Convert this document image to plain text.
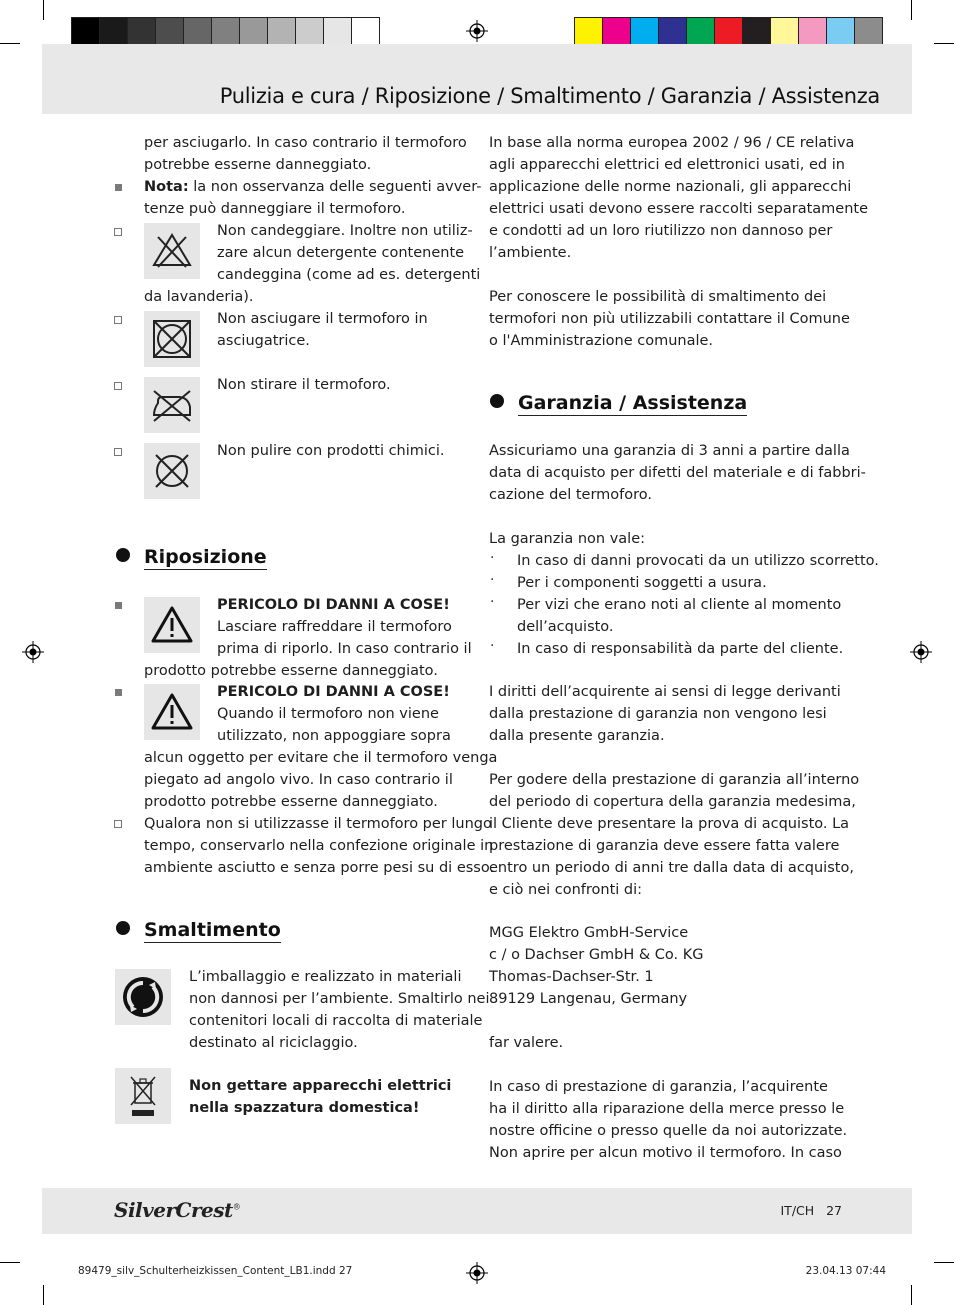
Pulizia e cura / Riposizione / Smaltimento / Garanzia / Assistenza
per asciugarlo. In caso contrario il termoforo
potrebbe esserne danneggiato.
Nota: la non osservanza delle seguenti avver-
tenze può danneggiare il termoforo.
Non candeggiare. Inoltre non utiliz-
zare alcun detergente contenente
candeggina (come ad es. detergenti
da lavanderia).
Non asciugare il termoforo in
asciugatrice.
Non stirare il termoforo.
Non pulire con prodotti chimici.
Riposizione
PERICOLO DI DANNI A COSE!
Lasciare raffreddare il termoforo
prima di riporlo. In caso contrario il
prodotto potrebbe esserne danneggiato.
PERICOLO DI DANNI A COSE!
Quando il termoforo non viene
utilizzato, non appoggiare sopra
alcun oggetto per evitare che il termoforo venga
piegato ad angolo vivo. In caso contrario il
prodotto potrebbe esserne danneggiato.
Qualora non si utilizzasse il termoforo per lungo
tempo, conservarlo nella confezione originale in
ambiente asciutto e senza porre pesi su di esso.
Smaltimento
L’imballaggio e realizzato in materiali
non dannosi per l’ambiente. Smaltirlo nei
contenitori locali di raccolta di materiale
destinato al riciclaggio.
Non gettare apparecchi elettrici
nella spazzatura domestica!
In base alla norma europea 2002 / 96 / CE relativa
agli apparecchi elettrici ed elettronici usati, ed in
applicazione delle norme nazionali, gli apparecchi
elettrici usati devono essere raccolti separatamente
e condotti ad un loro riutilizzo non dannoso per
l’ambiente.
Per conoscere le possibilità di smaltimento dei
termofori non più utilizzabili contattare il Comune
o l'Amministrazione comunale.
Garanzia / Assistenza
Assicuriamo una garanzia di 3 anni a partire dalla
data di acquisto per difetti del materiale e di fabbri-
cazione del termoforo.
La garanzia non vale:
· In caso di danni provocati da un utilizzo scorretto.
· Per i componenti soggetti a usura.
· Per vizi che erano noti al cliente al momento
dell’acquisto.
· In caso di responsabilità da parte del cliente.
I diritti dell’acquirente ai sensi di legge derivanti
dalla prestazione di garanzia non vengono lesi
dalla presente garanzia.
Per godere della prestazione di garanzia all’interno
del periodo di copertura della garanzia medesima,
il Cliente deve presentare la prova di acquisto. La
prestazione di garanzia deve essere fatta valere
entro un periodo di anni tre dalla data di acquisto,
e ciò nei confronti di:
MGG Elektro GmbH-Service
c / o Dachser GmbH & Co. KG
Thomas-Dachser-Str. 1
89129 Langenau, Germany
far valere.
In caso di prestazione di garanzia, l’acquirente
ha il diritto alla riparazione della merce presso le
nostre officine o presso quelle da noi autorizzate.
Non aprire per alcun motivo il termoforo. In caso
SilverCrest®	IT/CH 27
89479_silv_Schulterheizkissen_Content_LB1.indd 27	23.04.13 07:44
